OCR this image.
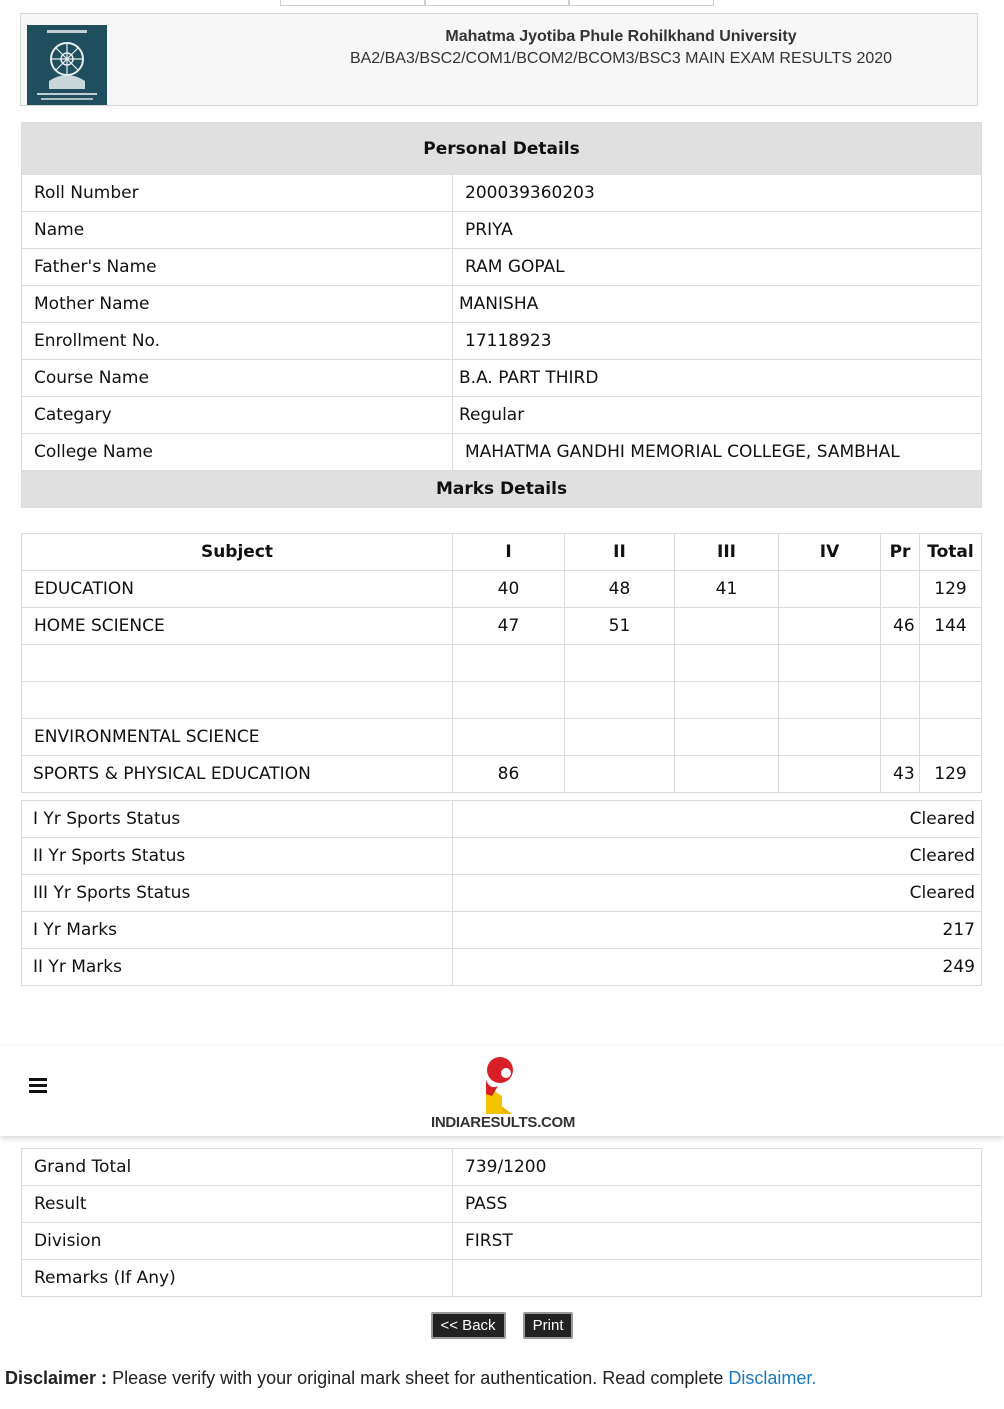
Mahatma Jyotiba Phule Rohilkhand University
BA2/BA3/BSC2/COM1/BCOM2/BCOM3/BSC3 MAIN EXAM RESULTS 2020
Personal Details	
Roll Number	200039360203
Name	PRIYA
Father's Name	RAM GOPAL
Mother Name	MANISHA
Enrollment No.	17118923
Course Name	B.A. PART THIRD
Categary	Regular
College Name	MAHATMA GANDHI MEMORIAL COLLEGE, SAMBHAL
Marks Details	
Subject	I	II	III	IV	Pr	Total
EDUCATION	40	48	41			129
HOME SCIENCE	47	51			46	144

ENVIRONMENTAL SCIENCE						
SPORTS & PHYSICAL EDUCATION	86				43	129
I Yr Sports Status	Cleared
II Yr Sports Status	Cleared
III Yr Sports Status	Cleared
I Yr Marks	217
II Yr Marks	249
INDIARESULTS.COM
Grand Total	739/1200
Result	PASS
Division	FIRST
Remarks (If Any)	
<< Back Print
Disclaimer : Please verify with your original mark sheet for authentication. Read complete Disclaimer.
